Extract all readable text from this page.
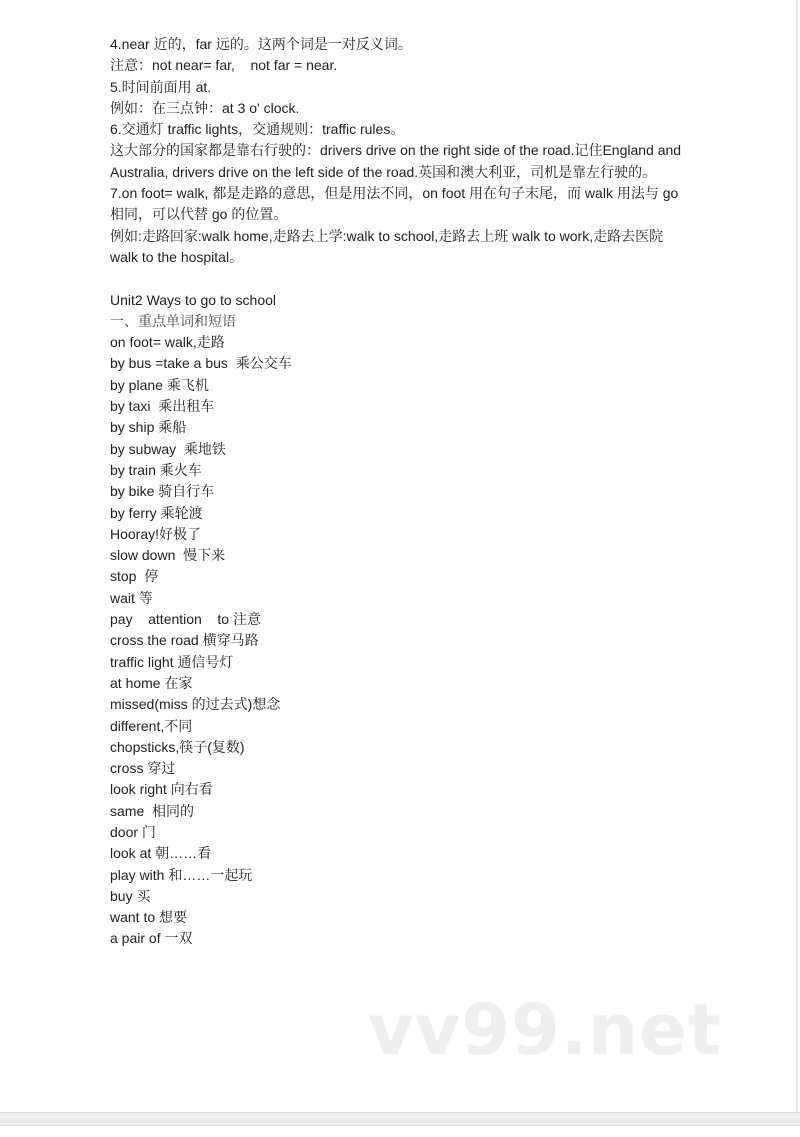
4.near 近的，far 远的。这两个词是一对反义词。
注意：not near= far,    not far = near.
5.时间前面用 at.
例如：在三点钟：at 3 o' clock.
6.交通灯 traffic lights，交通规则：traffic rules。
这大部分的国家都是靠右行驶的：drivers drive on the right side of the road.记住England and Australia, drivers drive on the left side of the road.英国和澳大利亚，司机是靠左行驶的。
7.on foot= walk, 都是走路的意思，但是用法不同，on foot 用在句子末尾，而 walk 用法与 go 相同，可以代替 go 的位置。
例如:走路回家:walk home,走路去上学:walk to school,走路去上班 walk to work,走路去医院 walk to the hospital。
Unit2 Ways to go to school
一、重点单词和短语
on foot= walk,走路
by bus =take a bus  乘公交车
by plane 乘飞机
by taxi  乘出租车
by ship 乘船
by subway  乘地铁
by train 乘火车
by bike 骑自行车
by ferry 乘轮渡
Hooray!好极了
slow down  慢下来
stop  停
wait 等
pay    attention    to 注意
cross the road 横穿马路
traffic light 通信号灯
at home 在家
missed(miss 的过去式)想念
different,不同
chopsticks,筷子(复数)
cross 穿过
look right 向右看
same  相同的
door 门
look at 朝……看
play with 和……一起玩
buy 买
want to 想要
a pair of 一双
vv99.net
